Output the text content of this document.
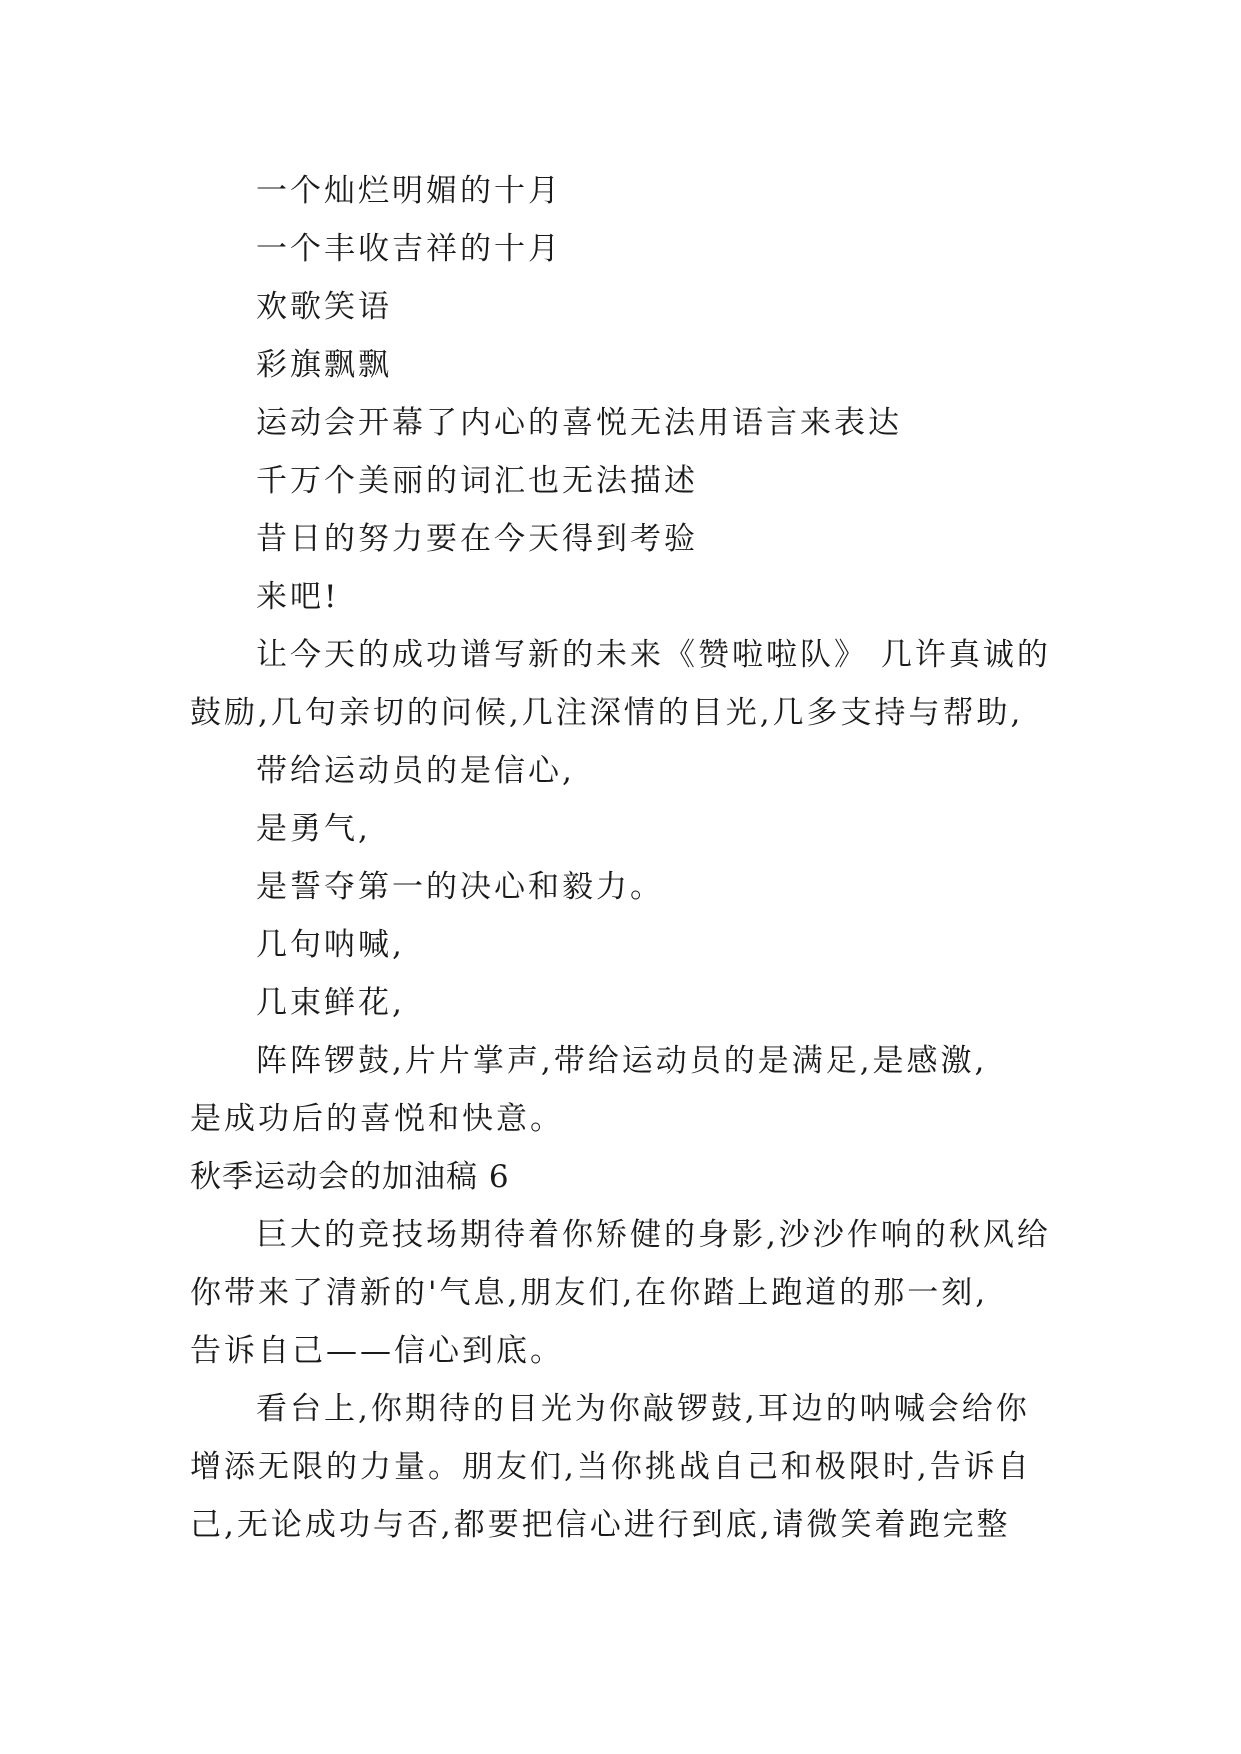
一个灿烂明媚的十月
一个丰收吉祥的十月
欢歌笑语
彩旗飘飘
运动会开幕了内心的喜悦无法用语言来表达
千万个美丽的词汇也无法描述
昔日的努力要在今天得到考验
来吧!
让今天的成功谱写新的未来《赞啦啦队》 几许真诚的
鼓励,几句亲切的问候,几注深情的目光,几多支持与帮助,
带给运动员的是信心,
是勇气,
是誓夺第一的决心和毅力。
几句呐喊,
几束鲜花,
阵阵锣鼓,片片掌声,带给运动员的是满足,是感激,
是成功后的喜悦和快意。
秋季运动会的加油稿 6
巨大的竞技场期待着你矫健的身影,沙沙作响的秋风给
你带来了清新的'气息,朋友们,在你踏上跑道的那一刻,
告诉自己——信心到底。
看台上,你期待的目光为你敲锣鼓,耳边的呐喊会给你
增添无限的力量。朋友们,当你挑战自己和极限时,告诉自
己,无论成功与否,都要把信心进行到底,请微笑着跑完整
